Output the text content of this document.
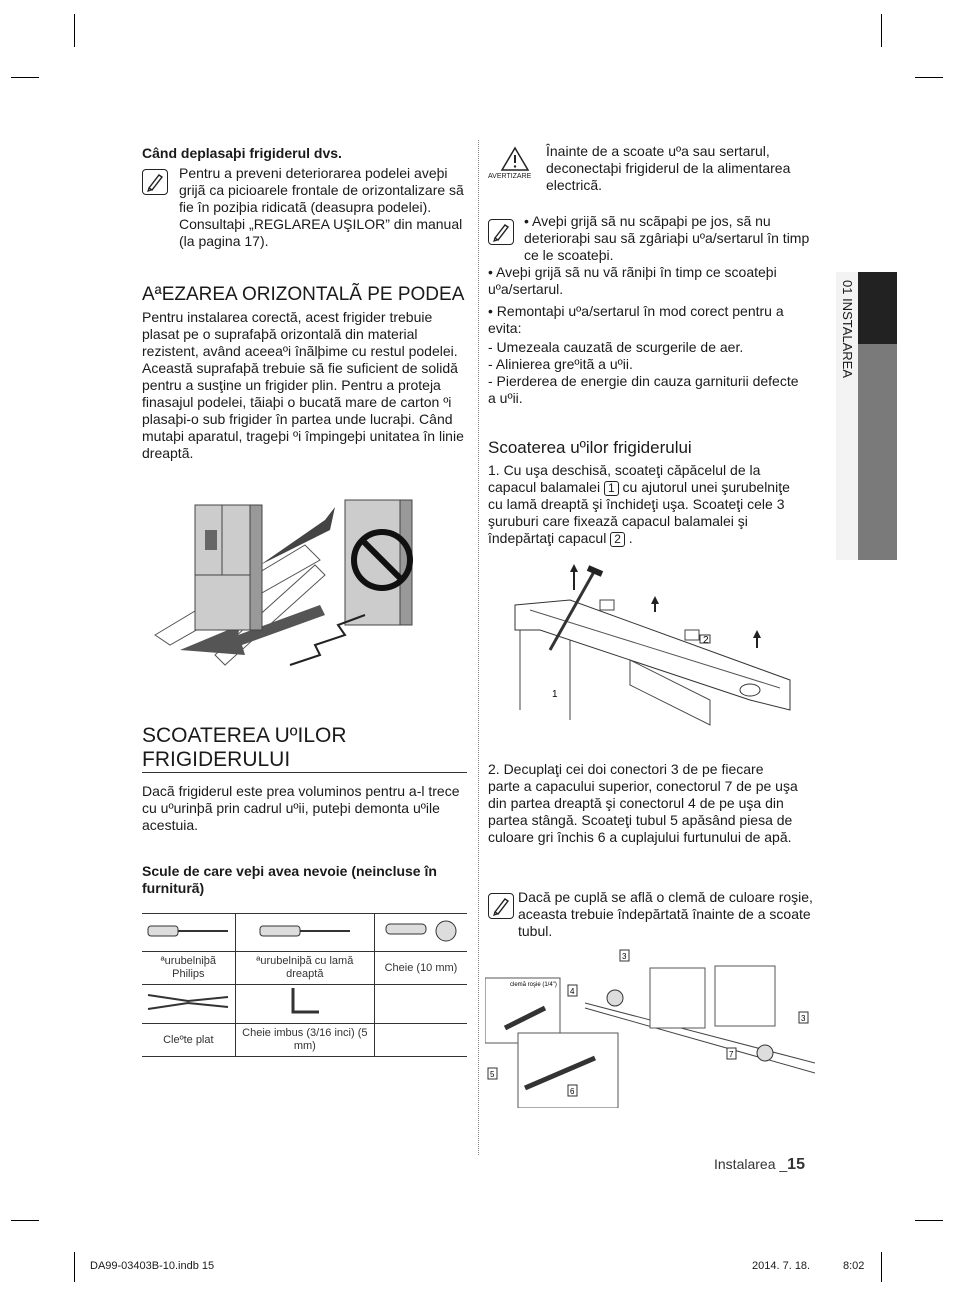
01 INSTALAREA
Când deplasaþi frigiderul dvs.
Pentru a preveni deteriorarea podelei aveþi grijã ca picioarele frontale de orizontalizare sã fie în poziþia ridicatã (deasupra podelei). Consultaþi „REGLAREA UŞILOR” din manual (la pagina 17).
AªEZAREA ORIZONTALÃ PE PODEA
Pentru instalarea corectă, acest frigider trebuie plasat pe o suprafaþă orizontală din material rezistent, având aceeaºi înãlþime cu restul podelei. Această suprafaþă trebuie să fie suficient de solidă pentru a susţine un frigider plin. Pentru a proteja finasajul podelei, tãiaþi o bucatã mare de carton ºi plasaþi-o sub frigider în partea unde lucraþi. Când mutaþi aparatul, trageþi ºi împingeþi unitatea în linie dreaptã.
SCOATEREA UºILOR FRIGIDERULUI
Dacã frigiderul este prea voluminos pentru a-l trece cu uºurinþã prin cadrul uºii, puteþi demonta uºile acestuia.
Scule de care veþi avea nevoie (neincluse în furniturã)

ªurubelniþã Philips	ªurubelniþã cu lamă dreaptă	Cheie (10 mm)

Cleºte plat	Cheie imbus (3/16 inci) (5 mm)	
AVERTIZARE
Înainte de a scoate uºa sau sertarul, deconectaþi frigiderul de la alimentarea electricã.
• Aveþi grijã sã nu scãpaþi pe jos, sã nu deterioraþi sau sã zgâriaþi uºa/sertarul în timp ce le scoateþi.
• Aveþi grijã sã nu vã rãniþi în timp ce scoateþi uºa/sertarul.
• Remontaþi uºa/sertarul în mod corect pentru a evita:
- Umezeala cauzatã de scurgerile de aer.
- Alinierea greºitã a uºii.
- Pierderea de energie din cauza garniturii defecte a uºii.
Scoaterea uºilor frigiderului
1. Cu uşa deschisă, scoateţi căpăcelul de la capacul balamalei 1 cu ajutorul unei şurubelniţe cu lamă dreaptă şi închideţi uşa. Scoateţi cele 3 şuruburi care fixează capacul balamalei şi îndepărtaţi capacul 2 .
1
2
2. Decuplaţi cei doi conectori 3 de pe fiecare parte a capacului superior, conectorul 7 de pe uşa din partea dreaptă şi conectorul 4 de pe uşa din partea stângă. Scoateţi tubul 5 apăsând piesa de culoare gri închis 6 a cuplajului furtunului de apă.
Dacă pe cuplă se află o clemă de culoare roşie, aceasta trebuie îndepărtată înainte de a scoate tubul.
clemă roşie (1/4")
3
4
5
6
7
3
Instalarea _15
DA99-03403B-10.indb 15	2014. 7. 18.	8:02
